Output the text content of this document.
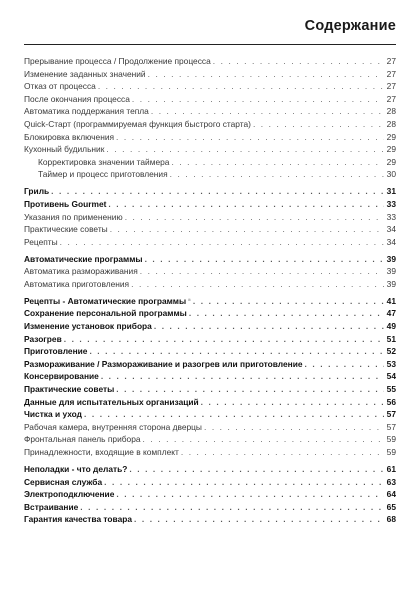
Содержание
Прерывание процесса / Продолжение процесса . . .	27
Изменение заданных значений . . .	27
Отказ от процесса . . .	27
После окончания процесса . . .	27
Автоматика поддержания тепла . . .	28
Quick-Старт (программируемая функция быстрого старта) . . .	28
Блокировка включения . . .	29
Кухонный будильник . . .	29
Корректировка значении таймера . . .	29
Таймер и процесс приготовления . . .	30
Гриль . . .	31
Противень Gourmet . . .	33
Указания по применению . . .	33
Практические советы . . .	34
Рецепты . . .	34
Автоматические программы . . .	39
Автоматика размораживания . . .	39
Автоматика приготовления . . .	39
Рецепты - Автоматические программы . . .	41
Сохранение персональной программы . . .	47
Изменение установок прибора . . .	49
Разогрев . . .	51
Приготовление . . .	52
Размораживание / Размораживание и разогрев или приготовление . . .	53
Консервирование . . .	54
Практические советы . . .	55
Данные для испытательных организаций . . .	56
Чистка и уход . . .	57
Рабочая камера, внутренняя сторона дверцы . . .	57
Фронтальная панель прибора . . .	59
Принадлежности, входящие в комплект . . .	59
Неполадки - что делать? . . .	61
Сервисная служба . . .	63
Электроподключение . . .	64
Встраивание . . .	65
Гарантия качества товара . . .	68
